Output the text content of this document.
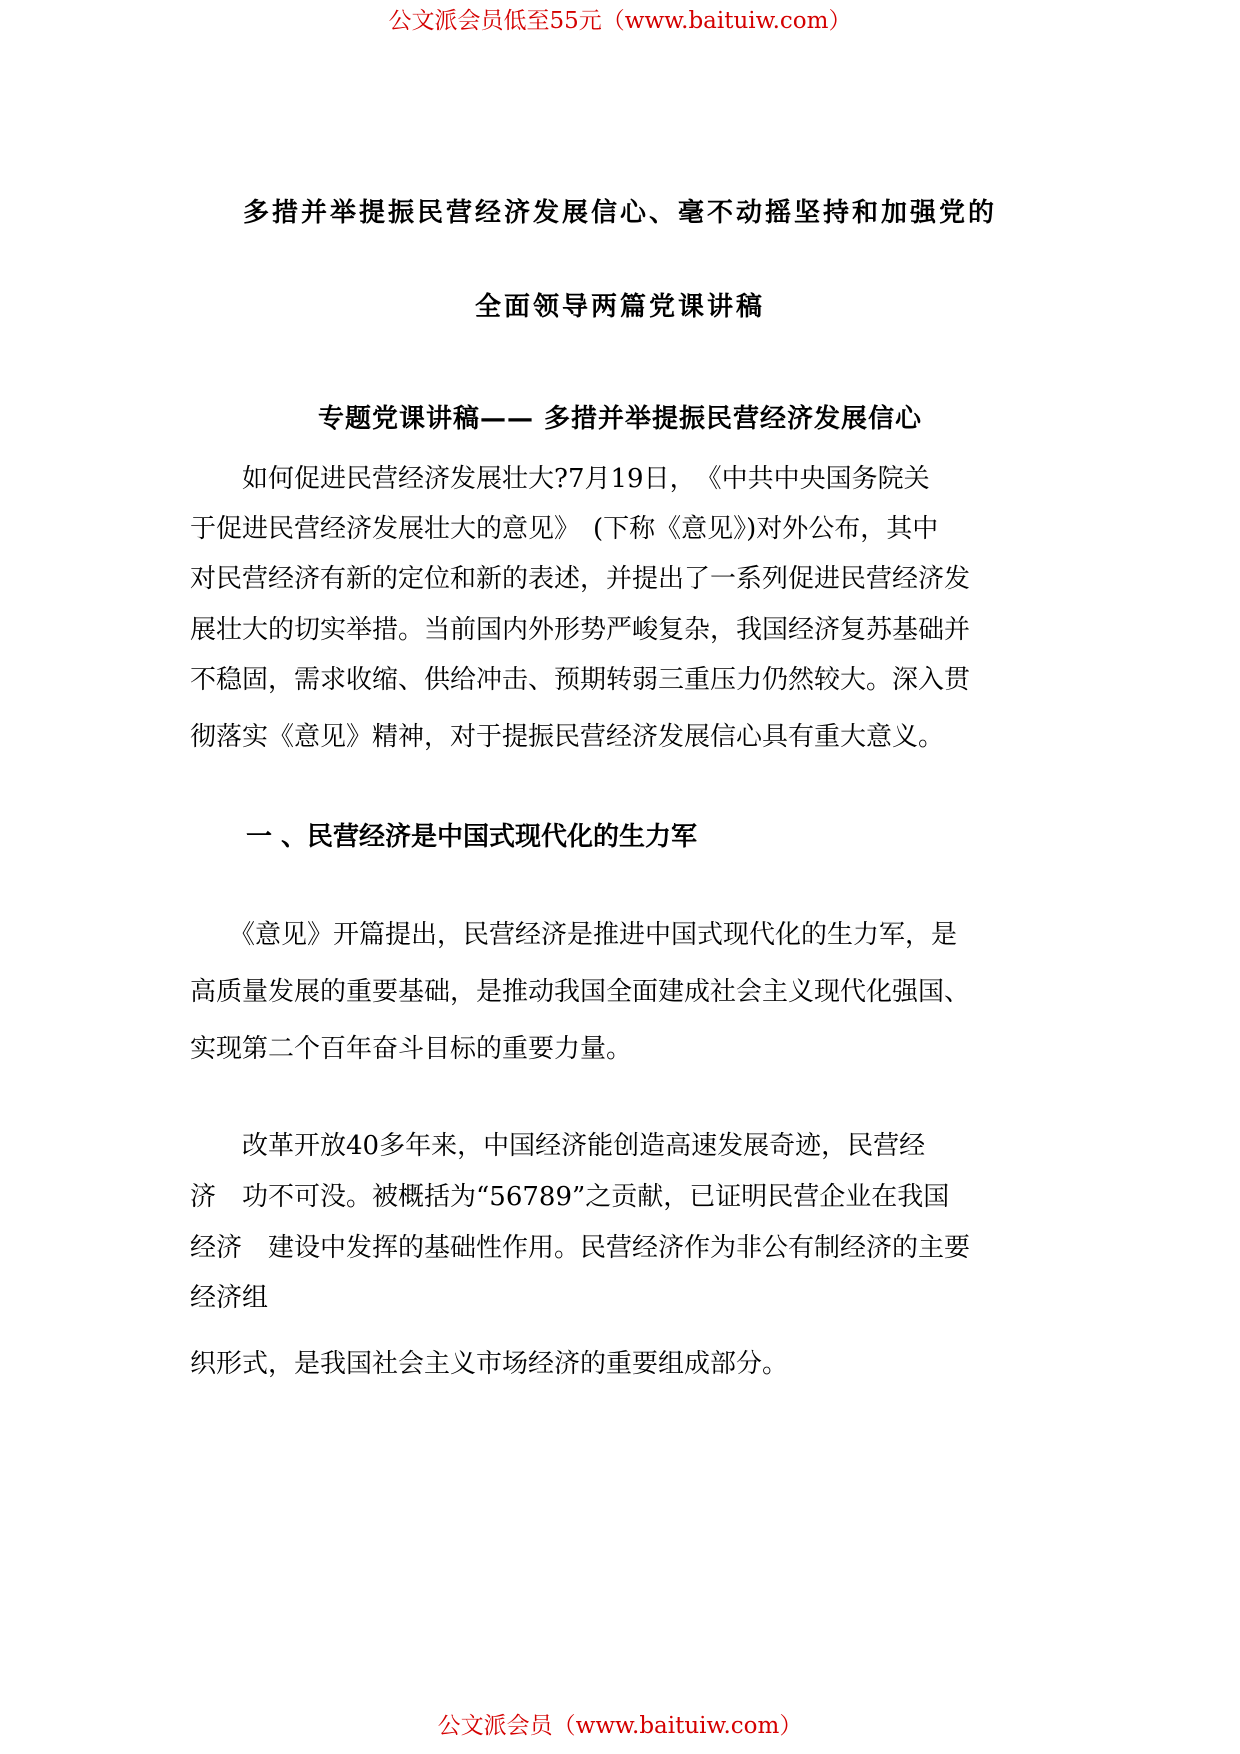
公文派会员低至55元（www.baituiw.com）
多措并举提振民营经济发展信心、毫不动摇坚持和加强党的
全面领导两篇党课讲稿
专题党课讲稿—— 多措并举提振民营经济发展信心
　　如何促进民营经济发展壮大?7月19日，　《中共中央国务院关
于促进民营经济发展壮大的意见》　(下称《意见》)对外公布，其中
对民营经济有新的定位和新的表述，并提出了一系列促进民营经济发
展壮大的切实举措。当前国内外形势严峻复杂，我国经济复苏基础并
不稳固，需求收缩、供给冲击、预期转弱三重压力仍然较大。深入贯
彻落实《意见》精神，对于提振民营经济发展信心具有重大意义。
一 、民营经济是中国式现代化的生力军
　　《意见》开篇提出，民营经济是推进中国式现代化的生力军，是
高质量发展的重要基础，是推动我国全面建成社会主义现代化强国、
实现第二个百年奋斗目标的重要力量。
　　改革开放40多年来，中国经济能创造高速发展奇迹，民营经
济　功不可没。被概括为“56789”之贡献，已证明民营企业在我国
经济　建设中发挥的基础性作用。民营经济作为非公有制经济的主要
经济组
织形式，是我国社会主义市场经济的重要组成部分。
公文派会员（www.baituiw.com）
